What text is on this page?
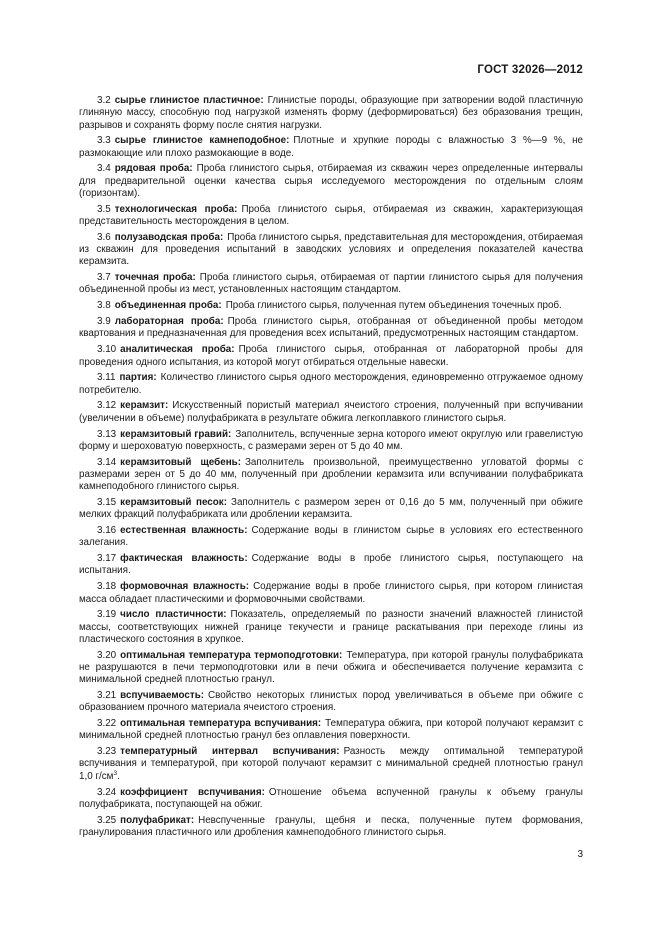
ГОСТ 32026—2012

3.2 сырье глинистое пластичное: Глинистые породы, образующие при затворении водой пластичную глиняную массу, способную под нагрузкой изменять форму (деформироваться) без образования трещин, разрывов и сохранять форму после снятия нагрузки.

3.3 сырье глинистое камнеподобное: Плотные и хрупкие породы с влажностью 3 %—9 %, не размокающие или плохо размокающие в воде.

3.4 рядовая проба: Проба глинистого сырья, отбираемая из скважин через определенные интервалы для предварительной оценки качества сырья исследуемого месторождения по отдельным слоям (горизонтам).

3.5 технологическая проба: Проба глинистого сырья, отбираемая из скважин, характеризующая представительность месторождения в целом.

3.6 полузаводская проба: Проба глинистого сырья, представительная для месторождения, отбираемая из скважин для проведения испытаний в заводских условиях и определения показателей качества керамзита.

3.7 точечная проба: Проба глинистого сырья, отбираемая от партии глинистого сырья для получения объединенной пробы из мест, установленных настоящим стандартом.

3.8 объединенная проба: Проба глинистого сырья, полученная путем объединения точечных проб.

3.9 лабораторная проба: Проба глинистого сырья, отобранная от объединенной пробы методом квартования и предназначенная для проведения всех испытаний, предусмотренных настоящим стандартом.

3.10 аналитическая проба: Проба глинистого сырья, отобранная от лабораторной пробы для проведения одного испытания, из которой могут отбираться отдельные навески.

3.11 партия: Количество глинистого сырья одного месторождения, единовременно отгружаемое одному потребителю.

3.12 керамзит: Искусственный пористый материал ячеистого строения, полученный при вспучивании (увеличении в объеме) полуфабриката в результате обжига легкоплавкого глинистого сырья.

3.13 керамзитовый гравий: Заполнитель, вспученные зерна которого имеют округлую или гравелистую форму и шероховатую поверхность, с размерами зерен от 5 до 40 мм.

3.14 керамзитовый щебень: Заполнитель произвольной, преимущественно угловатой формы с размерами зерен от 5 до 40 мм, полученный при дроблении керамзита или вспучивании полуфабриката камнеподобного глинистого сырья.

3.15 керамзитовый песок: Заполнитель с размером зерен от 0,16 до 5 мм, полученный при обжиге мелких фракций полуфабриката или дроблении керамзита.

3.16 естественная влажность: Содержание воды в глинистом сырье в условиях его естественного залегания.

3.17 фактическая влажность: Содержание воды в пробе глинистого сырья, поступающего на испытания.

3.18 формовочная влажность: Содержание воды в пробе глинистого сырья, при котором глинистая масса обладает пластическими и формовочными свойствами.

3.19 число пластичности: Показатель, определяемый по разности значений влажностей глинистой массы, соответствующих нижней границе текучести и границе раскатывания при переходе глины из пластического состояния в хрупкое.

3.20 оптимальная температура термоподготовки: Температура, при которой гранулы полуфабриката не разрушаются в печи термоподготовки или в печи обжига и обеспечивается получение керамзита с минимальной средней плотностью гранул.

3.21 вспучиваемость: Свойство некоторых глинистых пород увеличиваться в объеме при обжиге с образованием прочного материала ячеистого строения.

3.22 оптимальная температура вспучивания: Температура обжига, при которой получают керамзит с минимальной средней плотностью гранул без оплавления поверхности.

3.23 температурный интервал вспучивания: Разность между оптимальной температурой вспучивания и температурой, при которой получают керамзит с минимальной средней плотностью гранул 1,0 $г/см^3$.

3.24 коэффициент вспучивания: Отношение объема вспученной гранулы к объему гранулы полуфабриката, поступающей на обжиг.

3.25 полуфабрикат: Невспученные гранулы, щебня и песка, полученные путем формования, гранулирования пластичного или дробления камнеподобного глинистого сырья.

3
